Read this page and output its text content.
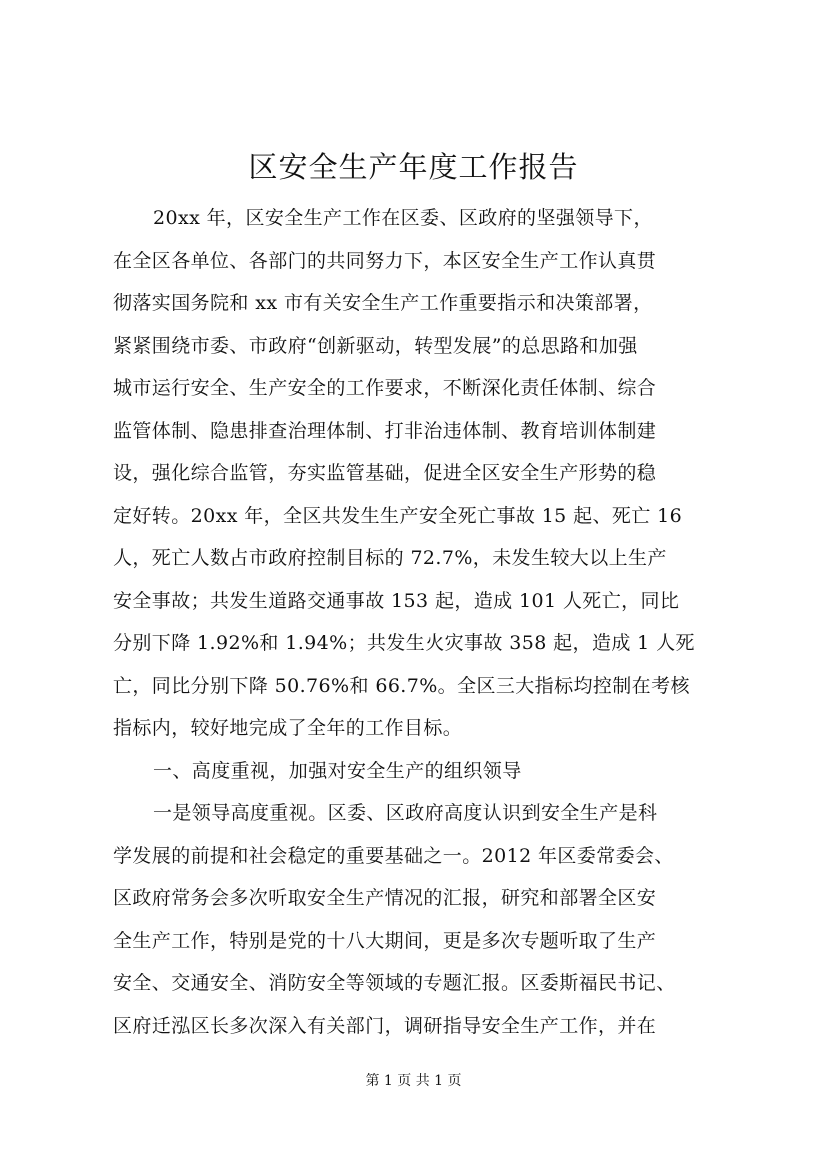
区安全生产年度工作报告
20xx 年，区安全生产工作在区委、区政府的坚强领导下，
在全区各单位、各部门的共同努力下，本区安全生产工作认真贯
彻落实国务院和 xx 市有关安全生产工作重要指示和决策部署，
紧紧围绕市委、市政府“创新驱动，转型发展”的总思路和加强
城市运行安全、生产安全的工作要求，不断深化责任体制、综合
监管体制、隐患排查治理体制、打非治违体制、教育培训体制建
设，强化综合监管，夯实监管基础，促进全区安全生产形势的稳
定好转。20xx 年，全区共发生生产安全死亡事故 15 起、死亡 16
人，死亡人数占市政府控制目标的 72.7%，未发生较大以上生产
安全事故；共发生道路交通事故 153 起，造成 101 人死亡，同比
分别下降 1.92%和 1.94%；共发生火灾事故 358 起，造成 1 人死
亡，同比分别下降 50.76%和 66.7%。全区三大指标均控制在考核
指标内，较好地完成了全年的工作目标。
一、高度重视，加强对安全生产的组织领导
一是领导高度重视。区委、区政府高度认识到安全生产是科
学发展的前提和社会稳定的重要基础之一。2012 年区委常委会、
区政府常务会多次听取安全生产情况的汇报，研究和部署全区安
全生产工作，特别是党的十八大期间，更是多次专题听取了生产
安全、交通安全、消防安全等领域的专题汇报。区委斯福民书记、
区府迁泓区长多次深入有关部门，调研指导安全生产工作，并在
第 1 页 共 1 页
